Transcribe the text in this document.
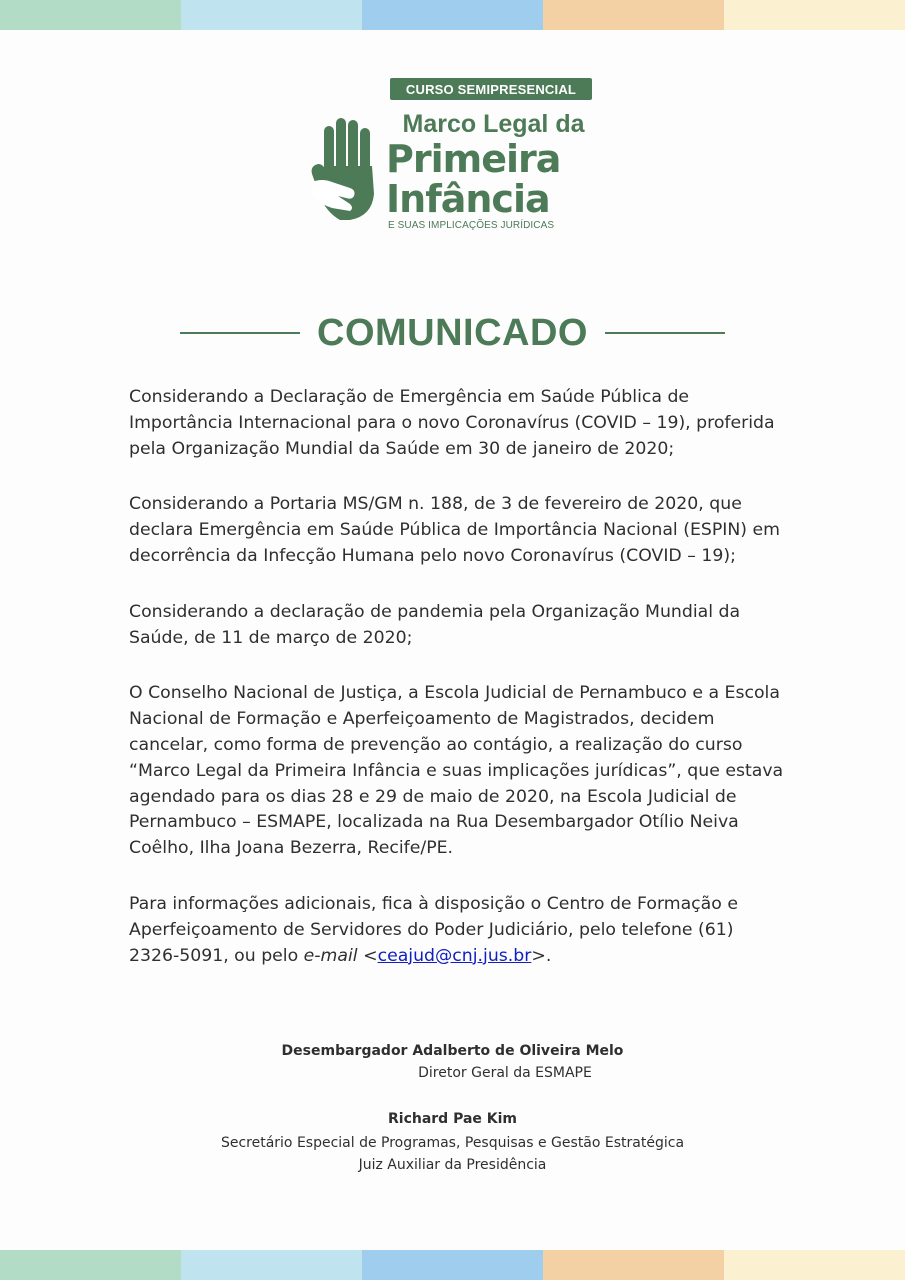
CURSO SEMIPRESENCIAL
Marco Legal da
Primeira
Infância
E SUAS IMPLICAÇÕES JURÍDICAS
COMUNICADO

Considerando a Declaração de Emergência em Saúde Pública de Importância Internacional para o novo Coronavírus (COVID – 19), proferida pela Organização Mundial da Saúde em 30 de janeiro de 2020;

Considerando a Portaria MS/GM n. 188, de 3 de fevereiro de 2020, que declara Emergência em Saúde Pública de Importância Nacional (ESPIN) em decorrência da Infecção Humana pelo novo Coronavírus (COVID – 19);

Considerando a declaração de pandemia pela Organização Mundial da Saúde, de 11 de março de 2020;

O Conselho Nacional de Justiça, a Escola Judicial de Pernambuco e a Escola Nacional de Formação e Aperfeiçoamento de Magistrados, decidem cancelar, como forma de prevenção ao contágio, a realização do curso “Marco Legal da Primeira Infância e suas implicações jurídicas”, que estava agendado para os dias 28 e 29 de maio de 2020, na Escola Judicial de Pernambuco – ESMAPE, localizada na Rua Desembargador Otílio Neiva Coêlho, Ilha Joana Bezerra, Recife/PE.

Para informações adicionais, fica à disposição o Centro de Formação e Aperfeiçoamento de Servidores do Poder Judiciário, pelo telefone (61) 2326-5091, ou pelo e-mail <ceajud@cnj.jus.br>.

Desembargador Adalberto de Oliveira Melo
Diretor Geral da ESMAPE
Richard Pae Kim
Secretário Especial de Programas, Pesquisas e Gestão Estratégica
Juiz Auxiliar da Presidência
